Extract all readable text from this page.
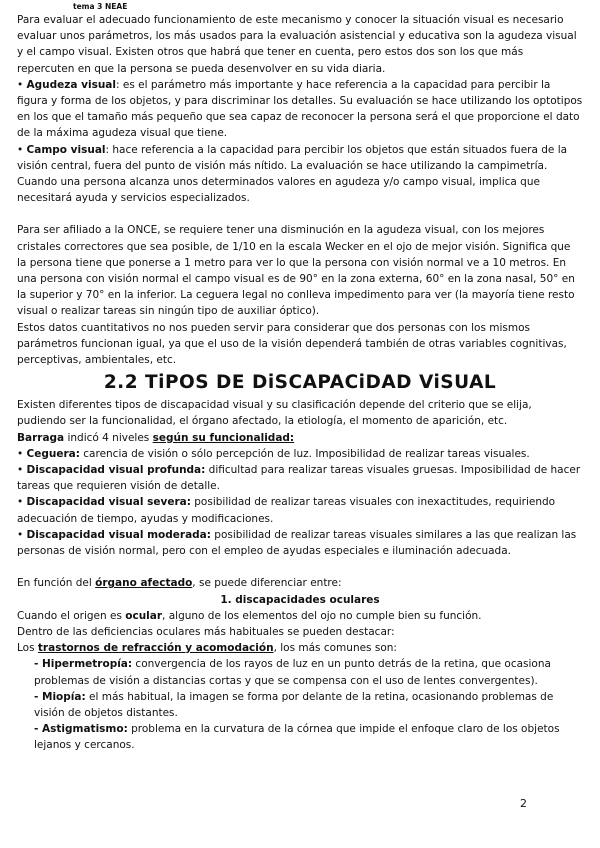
tema 3 NEAE

Para evaluar el adecuado funcionamiento de este mecanismo y conocer la situación visual es necesario evaluar unos parámetros, los más usados para la evaluación asistencial y educativa son la agudeza visual y el campo visual. Existen otros que habrá que tener en cuenta, pero estos dos son los que más repercuten en que la persona se pueda desenvolver en su vida diaria.

• Agudeza visual: es el parámetro más importante y hace referencia a la capacidad para percibir la figura y forma de los objetos, y para discriminar los detalles. Su evaluación se hace utilizando los optotipos en los que el tamaño más pequeño que sea capaz de reconocer la persona será el que proporcione el dato de la máxima agudeza visual que tiene.

• Campo visual: hace referencia a la capacidad para percibir los objetos que están situados fuera de la visión central, fuera del punto de visión más nítido. La evaluación se hace utilizando la campimetría.

Cuando una persona alcanza unos determinados valores en agudeza y/o campo visual, implica que necesitará ayuda y servicios especializados.

Para ser afiliado a la ONCE, se requiere tener una disminución en la agudeza visual, con los mejores cristales correctores que sea posible, de 1/10 en la escala Wecker en el ojo de mejor visión. Significa que la persona tiene que ponerse a 1 metro para ver lo que la persona con visión normal ve a 10 metros. En una persona con visión normal el campo visual es de 90° en la zona externa, 60° en la zona nasal, 50° en la superior y 70° en la inferior. La ceguera legal no conlleva impedimento para ver (la mayoría tiene resto visual o realizar tareas sin ningún tipo de auxiliar óptico).

Estos datos cuantitativos no nos pueden servir para considerar que dos personas con los mismos parámetros funcionan igual, ya que el uso de la visión dependerá también de otras variables cognitivas, perceptivas, ambientales, etc.

2.2 TiPOS DE DiSCAPACiDAD ViSUAL

Existen diferentes tipos de discapacidad visual y su clasificación depende del criterio que se elija, pudiendo ser la funcionalidad, el órgano afectado, la etiología, el momento de aparición, etc.

Barraga indicó 4 niveles según su funcionalidad:

• Ceguera: carencia de visión o sólo percepción de luz. Imposibilidad de realizar tareas visuales.

• Discapacidad visual profunda: dificultad para realizar tareas visuales gruesas. Imposibilidad de hacer tareas que requieren visión de detalle.

• Discapacidad visual severa: posibilidad de realizar tareas visuales con inexactitudes, requiriendo adecuación de tiempo, ayudas y modificaciones.

• Discapacidad visual moderada: posibilidad de realizar tareas visuales similares a las que realizan las personas de visión normal, pero con el empleo de ayudas especiales e iluminación adecuada.

En función del órgano afectado, se puede diferenciar entre:

1. discapacidades oculares

Cuando el origen es ocular, alguno de los elementos del ojo no cumple bien su función.

Dentro de las deficiencias oculares más habituales se pueden destacar:

Los trastornos de refracción y acomodación, los más comunes son:

- Hipermetropía: convergencia de los rayos de luz en un punto detrás de la retina, que ocasiona problemas de visión a distancias cortas y que se compensa con el uso de lentes convergentes).

- Miopía: el más habitual, la imagen se forma por delante de la retina, ocasionando problemas de visión de objetos distantes.

- Astigmatismo: problema en la curvatura de la córnea que impide el enfoque claro de los objetos lejanos y cercanos.

2
